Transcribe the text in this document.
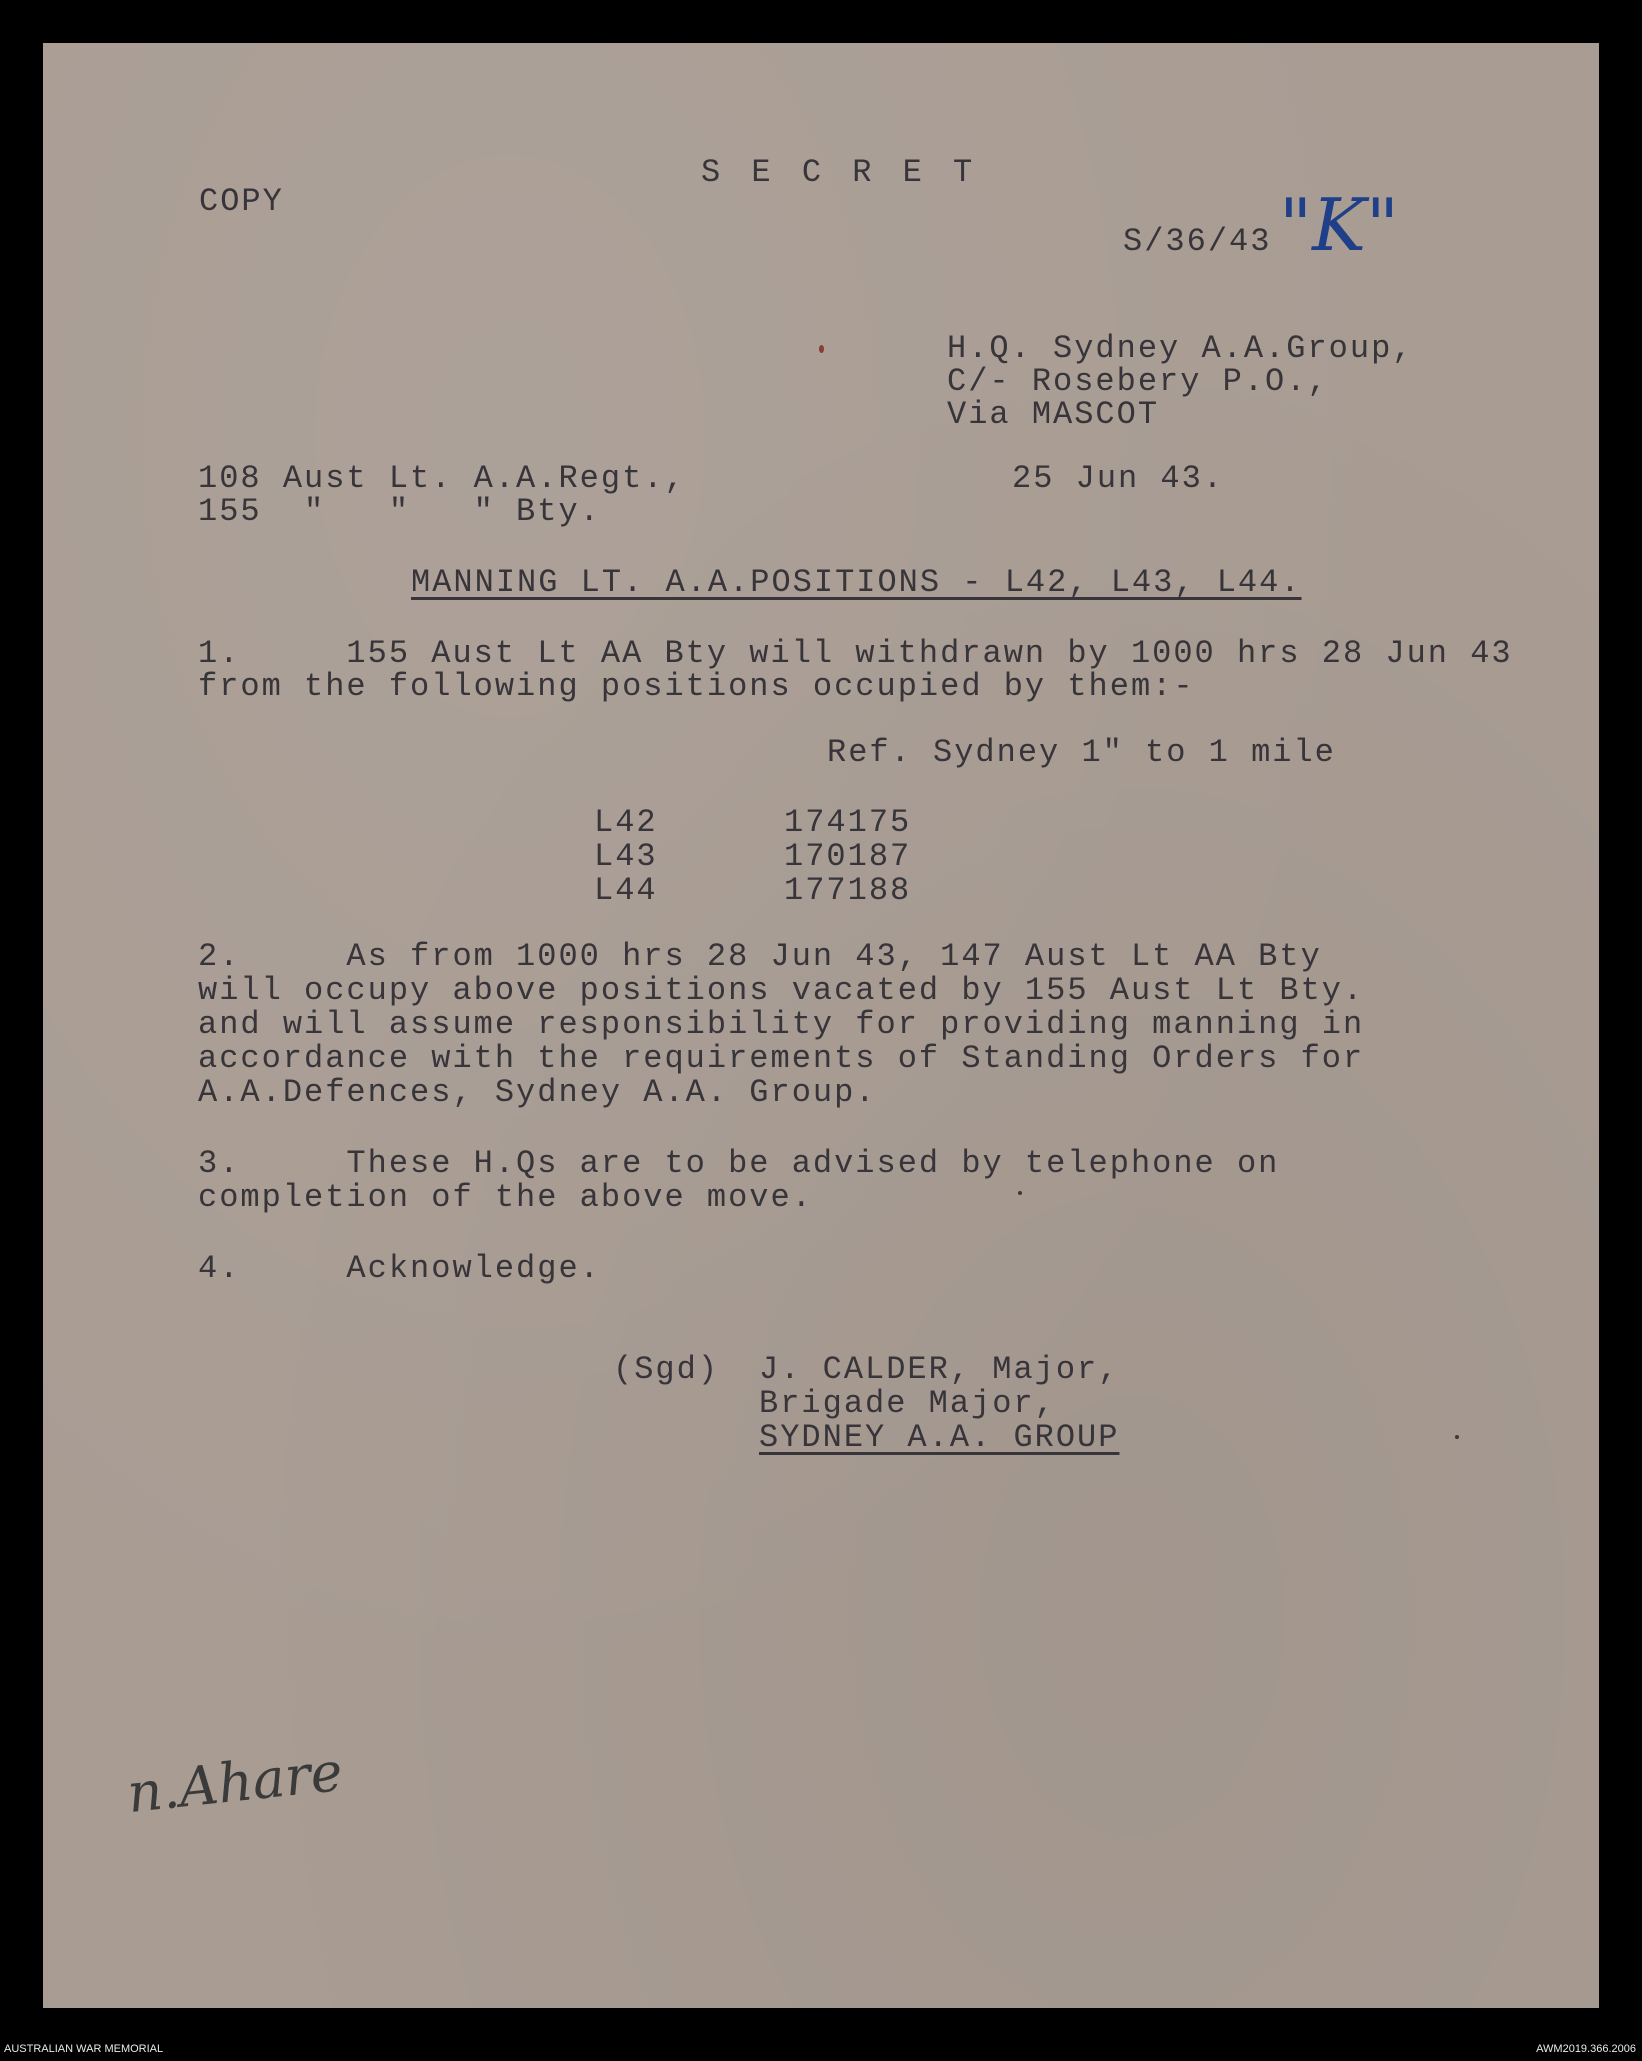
S E C R E T
COPY
S/36/43 "K"
H.Q. Sydney A.A.Group,
C/- Rosebery P.O.,
Via MASCOT
108 Aust Lt. A.A.Regt.,
155  "   "   " Bty.
25 Jun 43.
MANNING LT. A.A.POSITIONS - L42, L43, L44.
1.     155 Aust Lt AA Bty will withdrawn by 1000 hrs 28 Jun 43
from the following positions occupied by them:-
Ref. Sydney 1" to 1 mile
L42	174175
L43	170187
L44	177188
2.     As from 1000 hrs 28 Jun 43, 147 Aust Lt AA Bty
will occupy above positions vacated by 155 Aust Lt Bty.
and will assume responsibility for providing manning in
accordance with the requirements of Standing Orders for
A.A.Defences, Sydney A.A. Group.
3.     These H.Qs are to be advised by telephone on
completion of the above move.
4.     Acknowledge.
(Sgd) J. CALDER, Major,
Brigade Major,
SYDNEY A.A. GROUP
n.Ahare
AUSTRALIAN WAR MEMORIAL	AWM2019.366.2006
